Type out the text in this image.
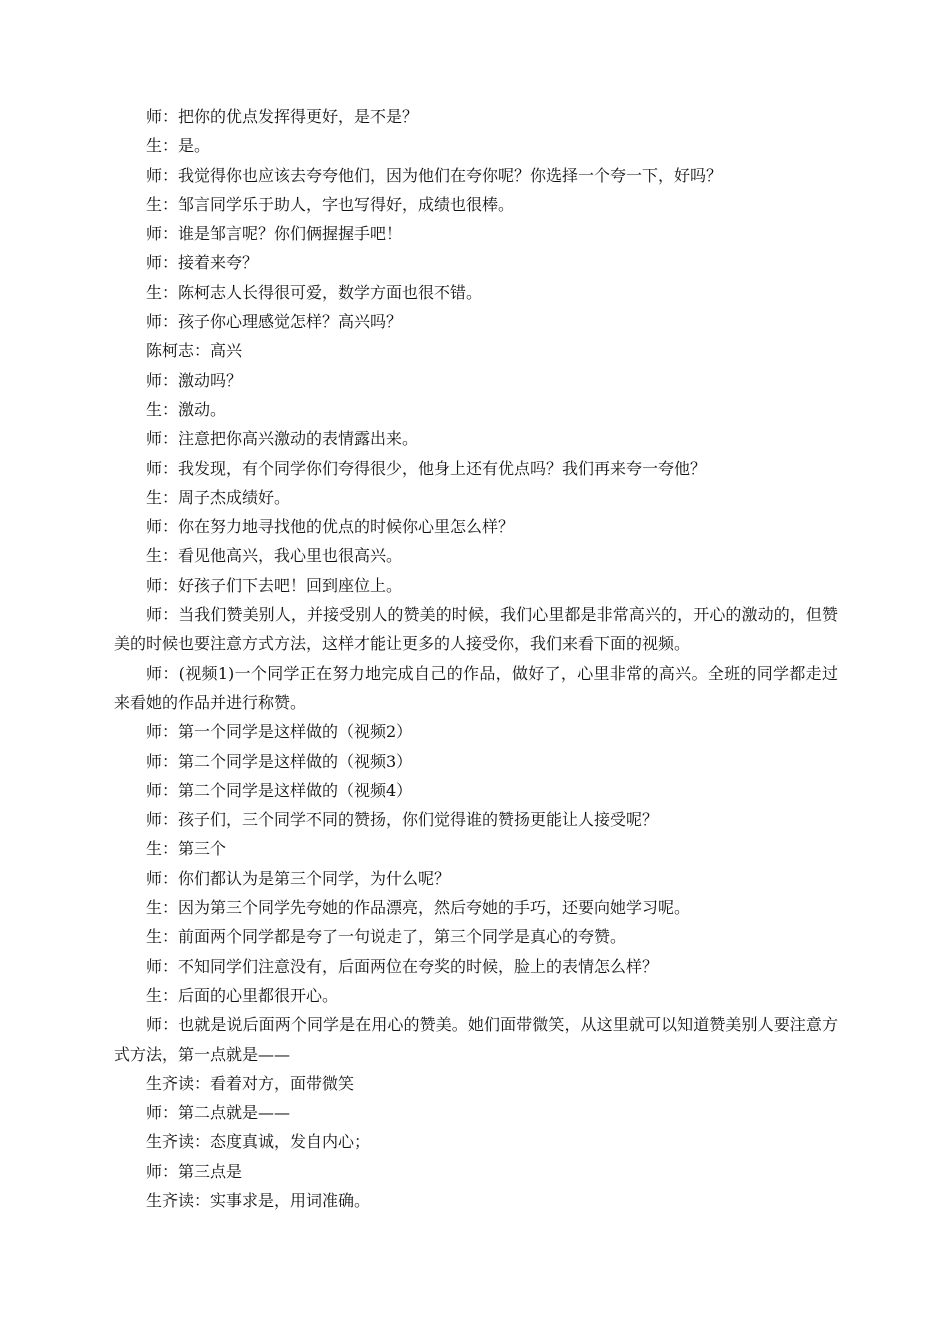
师：把你的优点发挥得更好，是不是？

生：是。

师：我觉得你也应该去夸夸他们，因为他们在夸你呢？你选择一个夸一下，好吗？

生：邹言同学乐于助人，字也写得好，成绩也很棒。

师：谁是邹言呢？你们俩握握手吧！

师：接着来夸？

生：陈柯志人长得很可爱，数学方面也很不错。

师：孩子你心理感觉怎样？高兴吗？

陈柯志：高兴

师：激动吗？

生：激动。

师：注意把你高兴激动的表情露出来。

师：我发现，有个同学你们夸得很少，他身上还有优点吗？我们再来夸一夸他？

生：周子杰成绩好。

师：你在努力地寻找他的优点的时候你心里怎么样？

生：看见他高兴，我心里也很高兴。

师：好孩子们下去吧！回到座位上。

师：当我们赞美别人，并接受别人的赞美的时候，我们心里都是非常高兴的，开心的激动的，但赞美的时候也要注意方式方法，这样才能让更多的人接受你，我们来看下面的视频。

师：(视频1)一个同学正在努力地完成自己的作品，做好了，心里非常的高兴。全班的同学都走过来看她的作品并进行称赞。

师：第一个同学是这样做的（视频2）

师：第二个同学是这样做的（视频3）

师：第二个同学是这样做的（视频4）

师：孩子们，三个同学不同的赞扬，你们觉得谁的赞扬更能让人接受呢？

生：第三个

师：你们都认为是第三个同学，为什么呢？

生：因为第三个同学先夸她的作品漂亮，然后夸她的手巧，还要向她学习呢。

生：前面两个同学都是夸了一句说走了，第三个同学是真心的夸赞。

师：不知同学们注意没有，后面两位在夸奖的时候，脸上的表情怎么样？

生：后面的心里都很开心。

师：也就是说后面两个同学是在用心的赞美。她们面带微笑，从这里就可以知道赞美别人要注意方式方法，第一点就是——

生齐读：看着对方，面带微笑

师：第二点就是——

生齐读：态度真诚，发自内心；

师：第三点是

生齐读：实事求是，用词准确。
